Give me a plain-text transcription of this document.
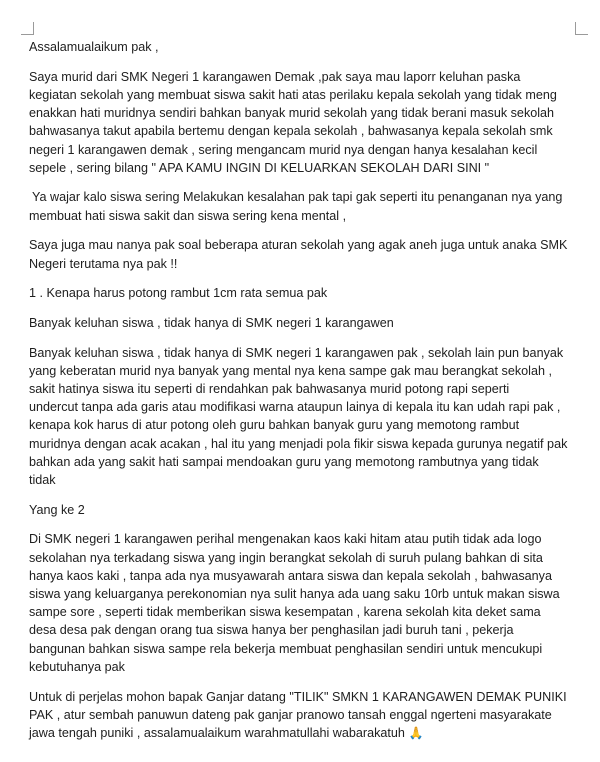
Assalamualaikum pak ,

Saya murid dari SMK Negeri 1 karangawen Demak ,pak saya mau laporr keluhan paska
kegiatan sekolah yang membuat siswa sakit hati atas perilaku kepala sekolah yang tidak meng
enakkan hati muridnya sendiri bahkan banyak murid sekolah yang tidak berani masuk sekolah
bahwasanya takut apabila bertemu dengan kepala sekolah , bahwasanya kepala sekolah smk
negeri 1 karangawen demak , sering mengancam murid nya dengan hanya kesalahan kecil
sepele , sering bilang " APA KAMU INGIN DI KELUARKAN SEKOLAH DARI SINI "

Ya wajar kalo siswa sering Melakukan kesalahan pak tapi gak seperti itu penanganan nya yang
membuat hati siswa sakit dan siswa sering kena mental ,

Saya juga mau nanya pak soal beberapa aturan sekolah yang agak aneh juga untuk anaka SMK
Negeri terutama nya pak !!

1 . Kenapa harus potong rambut 1cm rata semua pak

Banyak keluhan siswa , tidak hanya di SMK negeri 1 karangawen

Banyak keluhan siswa , tidak hanya di SMK negeri 1 karangawen pak , sekolah lain pun banyak
yang keberatan murid nya banyak yang mental nya kena sampe gak mau berangkat sekolah ,
sakit hatinya siswa itu seperti di rendahkan pak bahwasanya murid potong rapi seperti
undercut tanpa ada garis atau modifikasi warna ataupun lainya di kepala itu kan udah rapi pak ,
kenapa kok harus di atur potong oleh guru bahkan banyak guru yang memotong rambut
muridnya dengan acak acakan , hal itu yang menjadi pola fikir siswa kepada gurunya negatif pak
bahkan ada yang sakit hati sampai mendoakan guru yang memotong rambutnya yang tidak
tidak

Yang ke 2

Di SMK negeri 1 karangawen perihal mengenakan kaos kaki hitam atau putih tidak ada logo
sekolahan nya terkadang siswa yang ingin berangkat sekolah di suruh pulang bahkan di sita
hanya kaos kaki , tanpa ada nya musyawarah antara siswa dan kepala sekolah , bahwasanya
siswa yang keluarganya perekonomian nya sulit hanya ada uang saku 10rb untuk makan siswa
sampe sore , seperti tidak memberikan siswa kesempatan , karena sekolah kita deket sama
desa desa pak dengan orang tua siswa hanya ber penghasilan jadi buruh tani , pekerja
bangunan bahkan siswa sampe rela bekerja membuat penghasilan sendiri untuk mencukupi
kebutuhanya pak

Untuk di perjelas mohon bapak Ganjar datang "TILIK" SMKN 1 KARANGAWEN DEMAK PUNIKI
PAK , atur sembah panuwun dateng pak ganjar pranowo tansah enggal ngerteni masyarakate
jawa tengah puniki , assalamualaikum warahmatullahi wabarakatuh 🙏
